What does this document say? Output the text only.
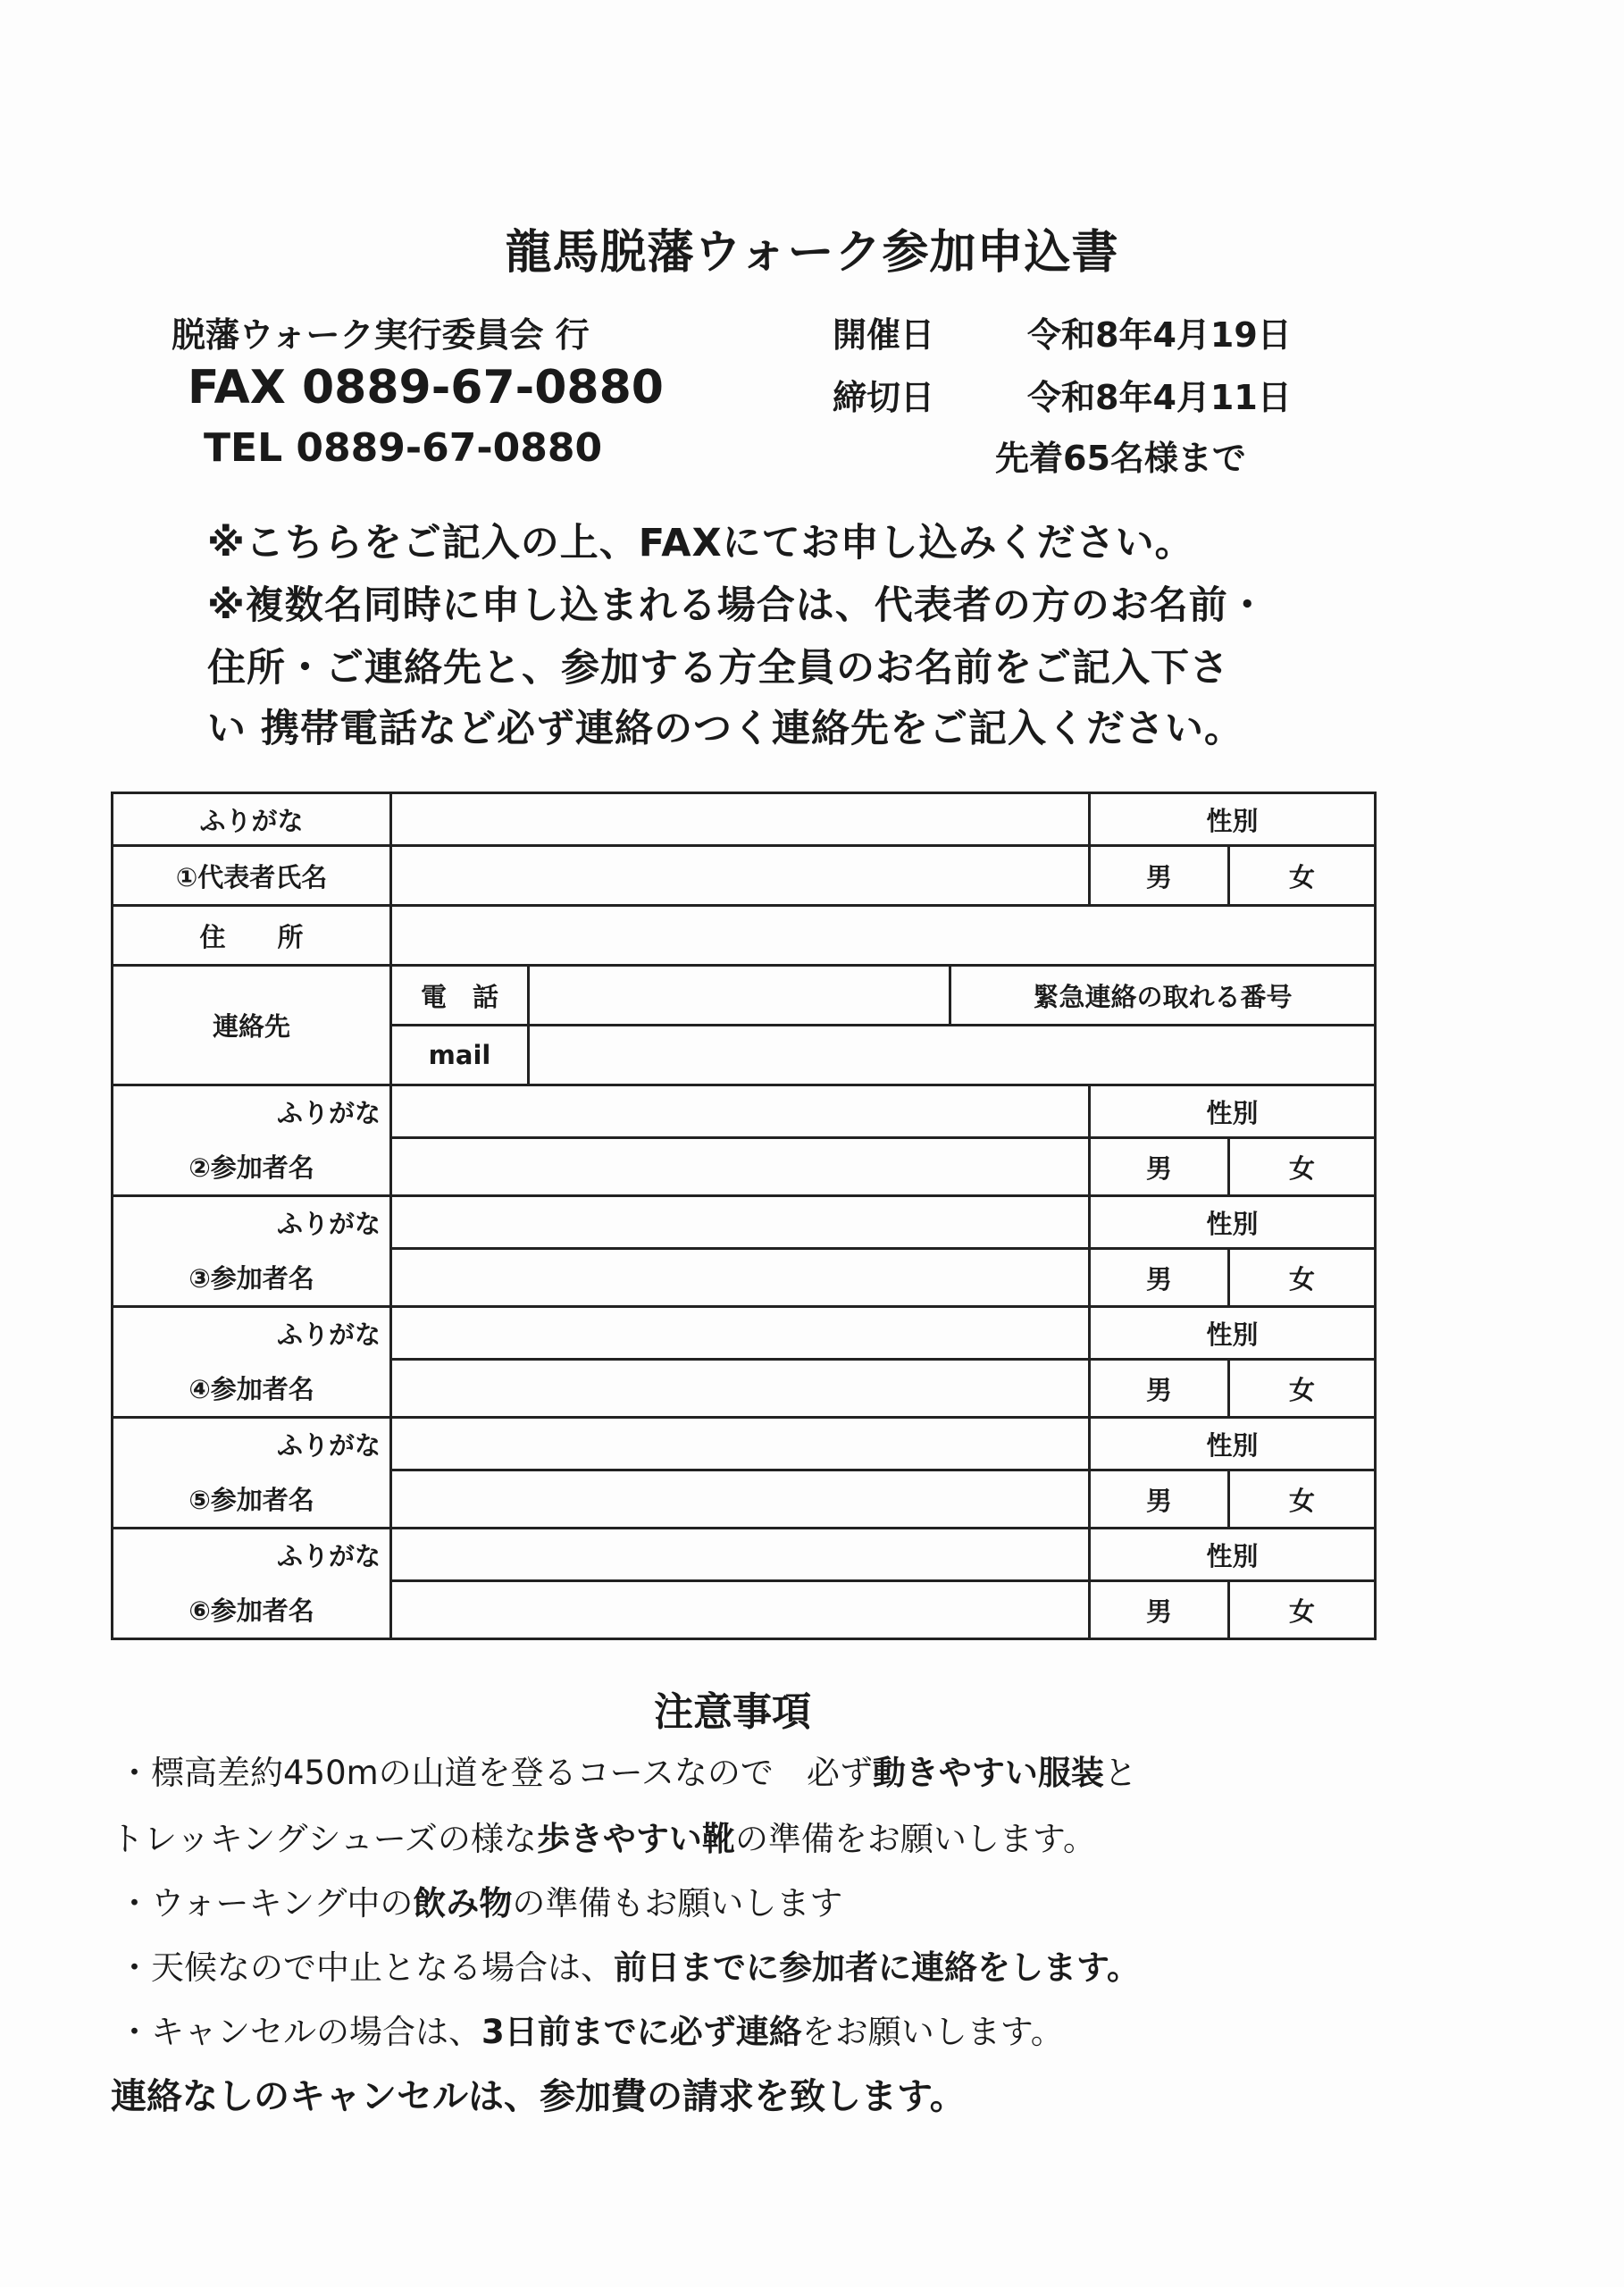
龍馬脱藩ウォーク参加申込書
脱藩ウォーク実行委員会 行
FAX 0889-67-0880
TEL 0889-67-0880
開催日	令和8年4月19日
締切日	令和8年4月11日
先着65名様まで
※こちらをご記入の上、FAXにてお申し込みください。
※複数名同時に申し込まれる場合は、代表者の方のお名前・
住所・ご連絡先と、参加する方全員のお名前をご記入下さ
い 携帯電話など必ず連絡のつく連絡先をご記入ください。
ふりがな				性別	
①代表者氏名				男	女
住　　所					
連絡先	電　話		緊急連絡の取れる番号		
	mail				
ふりがな				性別	
②参加者名				男	女
ふりがな				性別	
③参加者名				男	女
ふりがな				性別	
④参加者名				男	女
ふりがな				性別	
⑤参加者名				男	女
ふりがな				性別	
⑥参加者名				男	女
注意事項
・標高差約450mの山道を登るコースなので　必ず動きやすい服装と
トレッキングシューズの様な歩きやすい靴の準備をお願いします。
・ウォーキング中の飲み物の準備もお願いします
・天候なので中止となる場合は、前日までに参加者に連絡をします。
・キャンセルの場合は、3日前までに必ず連絡をお願いします。
連絡なしのキャンセルは、参加費の請求を致します。
